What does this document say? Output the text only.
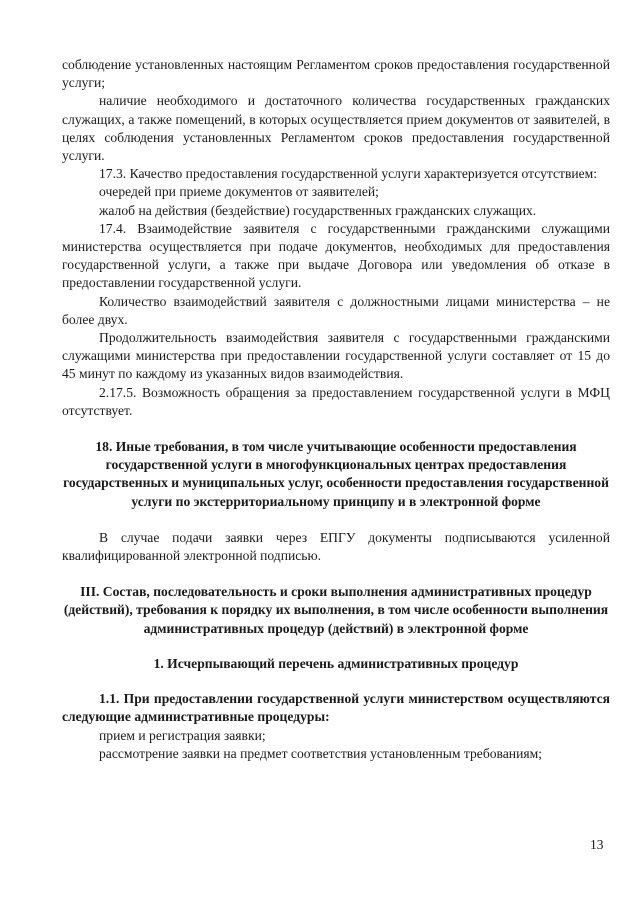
соблюдение установленных настоящим Регламентом сроков предоставления государственной услуги;

наличие необходимого и достаточного количества государственных гражданских служащих, а также помещений, в которых осуществляется прием документов от заявителей, в целях соблюдения установленных Регламентом сроков предоставления государственной услуги.

17.3. Качество предоставления государственной услуги характеризуется отсутствием:

очередей при приеме документов от заявителей;

жалоб на действия (бездействие) государственных гражданских служащих.

17.4. Взаимодействие заявителя с государственными гражданскими служащими министерства осуществляется при подаче документов, необходимых для предоставления государственной услуги, а также при выдаче Договора или уведомления об отказе в предоставлении государственной услуги.

Количество взаимодействий заявителя с должностными лицами министерства – не более двух.

Продолжительность взаимодействия заявителя с государственными гражданскими служащими министерства при предоставлении государственной услуги составляет от 15 до 45 минут по каждому из указанных видов взаимодействия.

2.17.5. Возможность обращения за предоставлением государственной услуги в МФЦ отсутствует.

18. Иные требования, в том числе учитывающие особенности предоставления государственной услуги в многофункциональных центрах предоставления государственных и муниципальных услуг, особенности предоставления государственной услуги по экстерриториальному принципу и в электронной форме

В случае подачи заявки через ЕПГУ документы подписываются усиленной квалифицированной электронной подписью.

III. Состав, последовательность и сроки выполнения административных процедур (действий), требования к порядку их выполнения, в том числе особенности выполнения административных процедур (действий) в электронной форме

1. Исчерпывающий перечень административных процедур

1.1. При предоставлении государственной услуги министерством осуществляются следующие административные процедуры:

прием и регистрация заявки;

рассмотрение заявки на предмет соответствия установленным требованиям;

13
